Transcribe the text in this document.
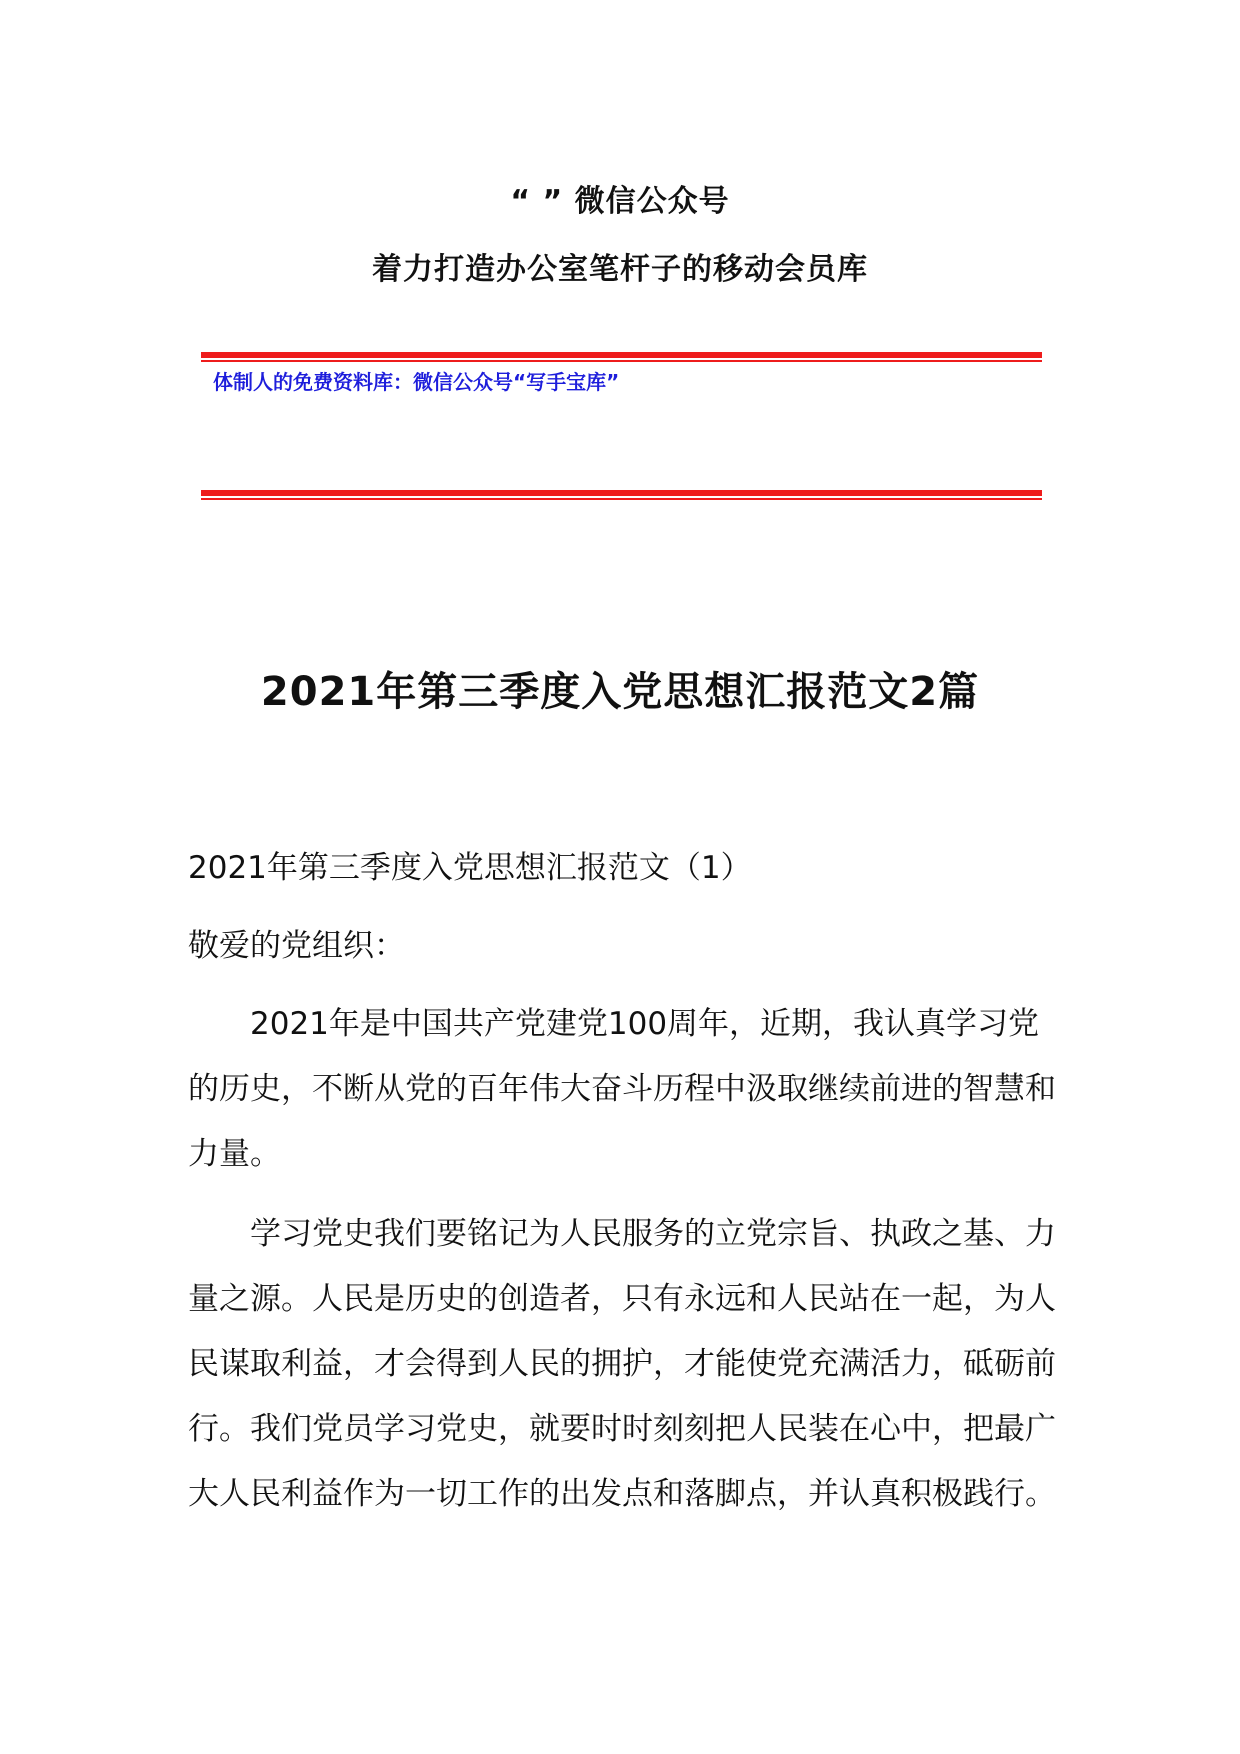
“ ” 微信公众号
着力打造办公室笔杆子的移动会员库
体制人的免费资料库：微信公众号“写手宝库”
2021年第三季度入党思想汇报范文2篇
2021年第三季度入党思想汇报范文（1）
敬爱的党组织：

2021年是中国共产党建党100周年，近期，我认真学习党的历史，不断从党的百年伟大奋斗历程中汲取继续前进的智慧和力量。

学习党史我们要铭记为人民服务的立党宗旨、执政之基、力量之源。人民是历史的创造者，只有永远和人民站在一起，为人民谋取利益，才会得到人民的拥护，才能使党充满活力，砥砺前行。我们党员学习党史，就要时时刻刻把人民装在心中，把最广大人民利益作为一切工作的出发点和落脚点，并认真积极践行。
